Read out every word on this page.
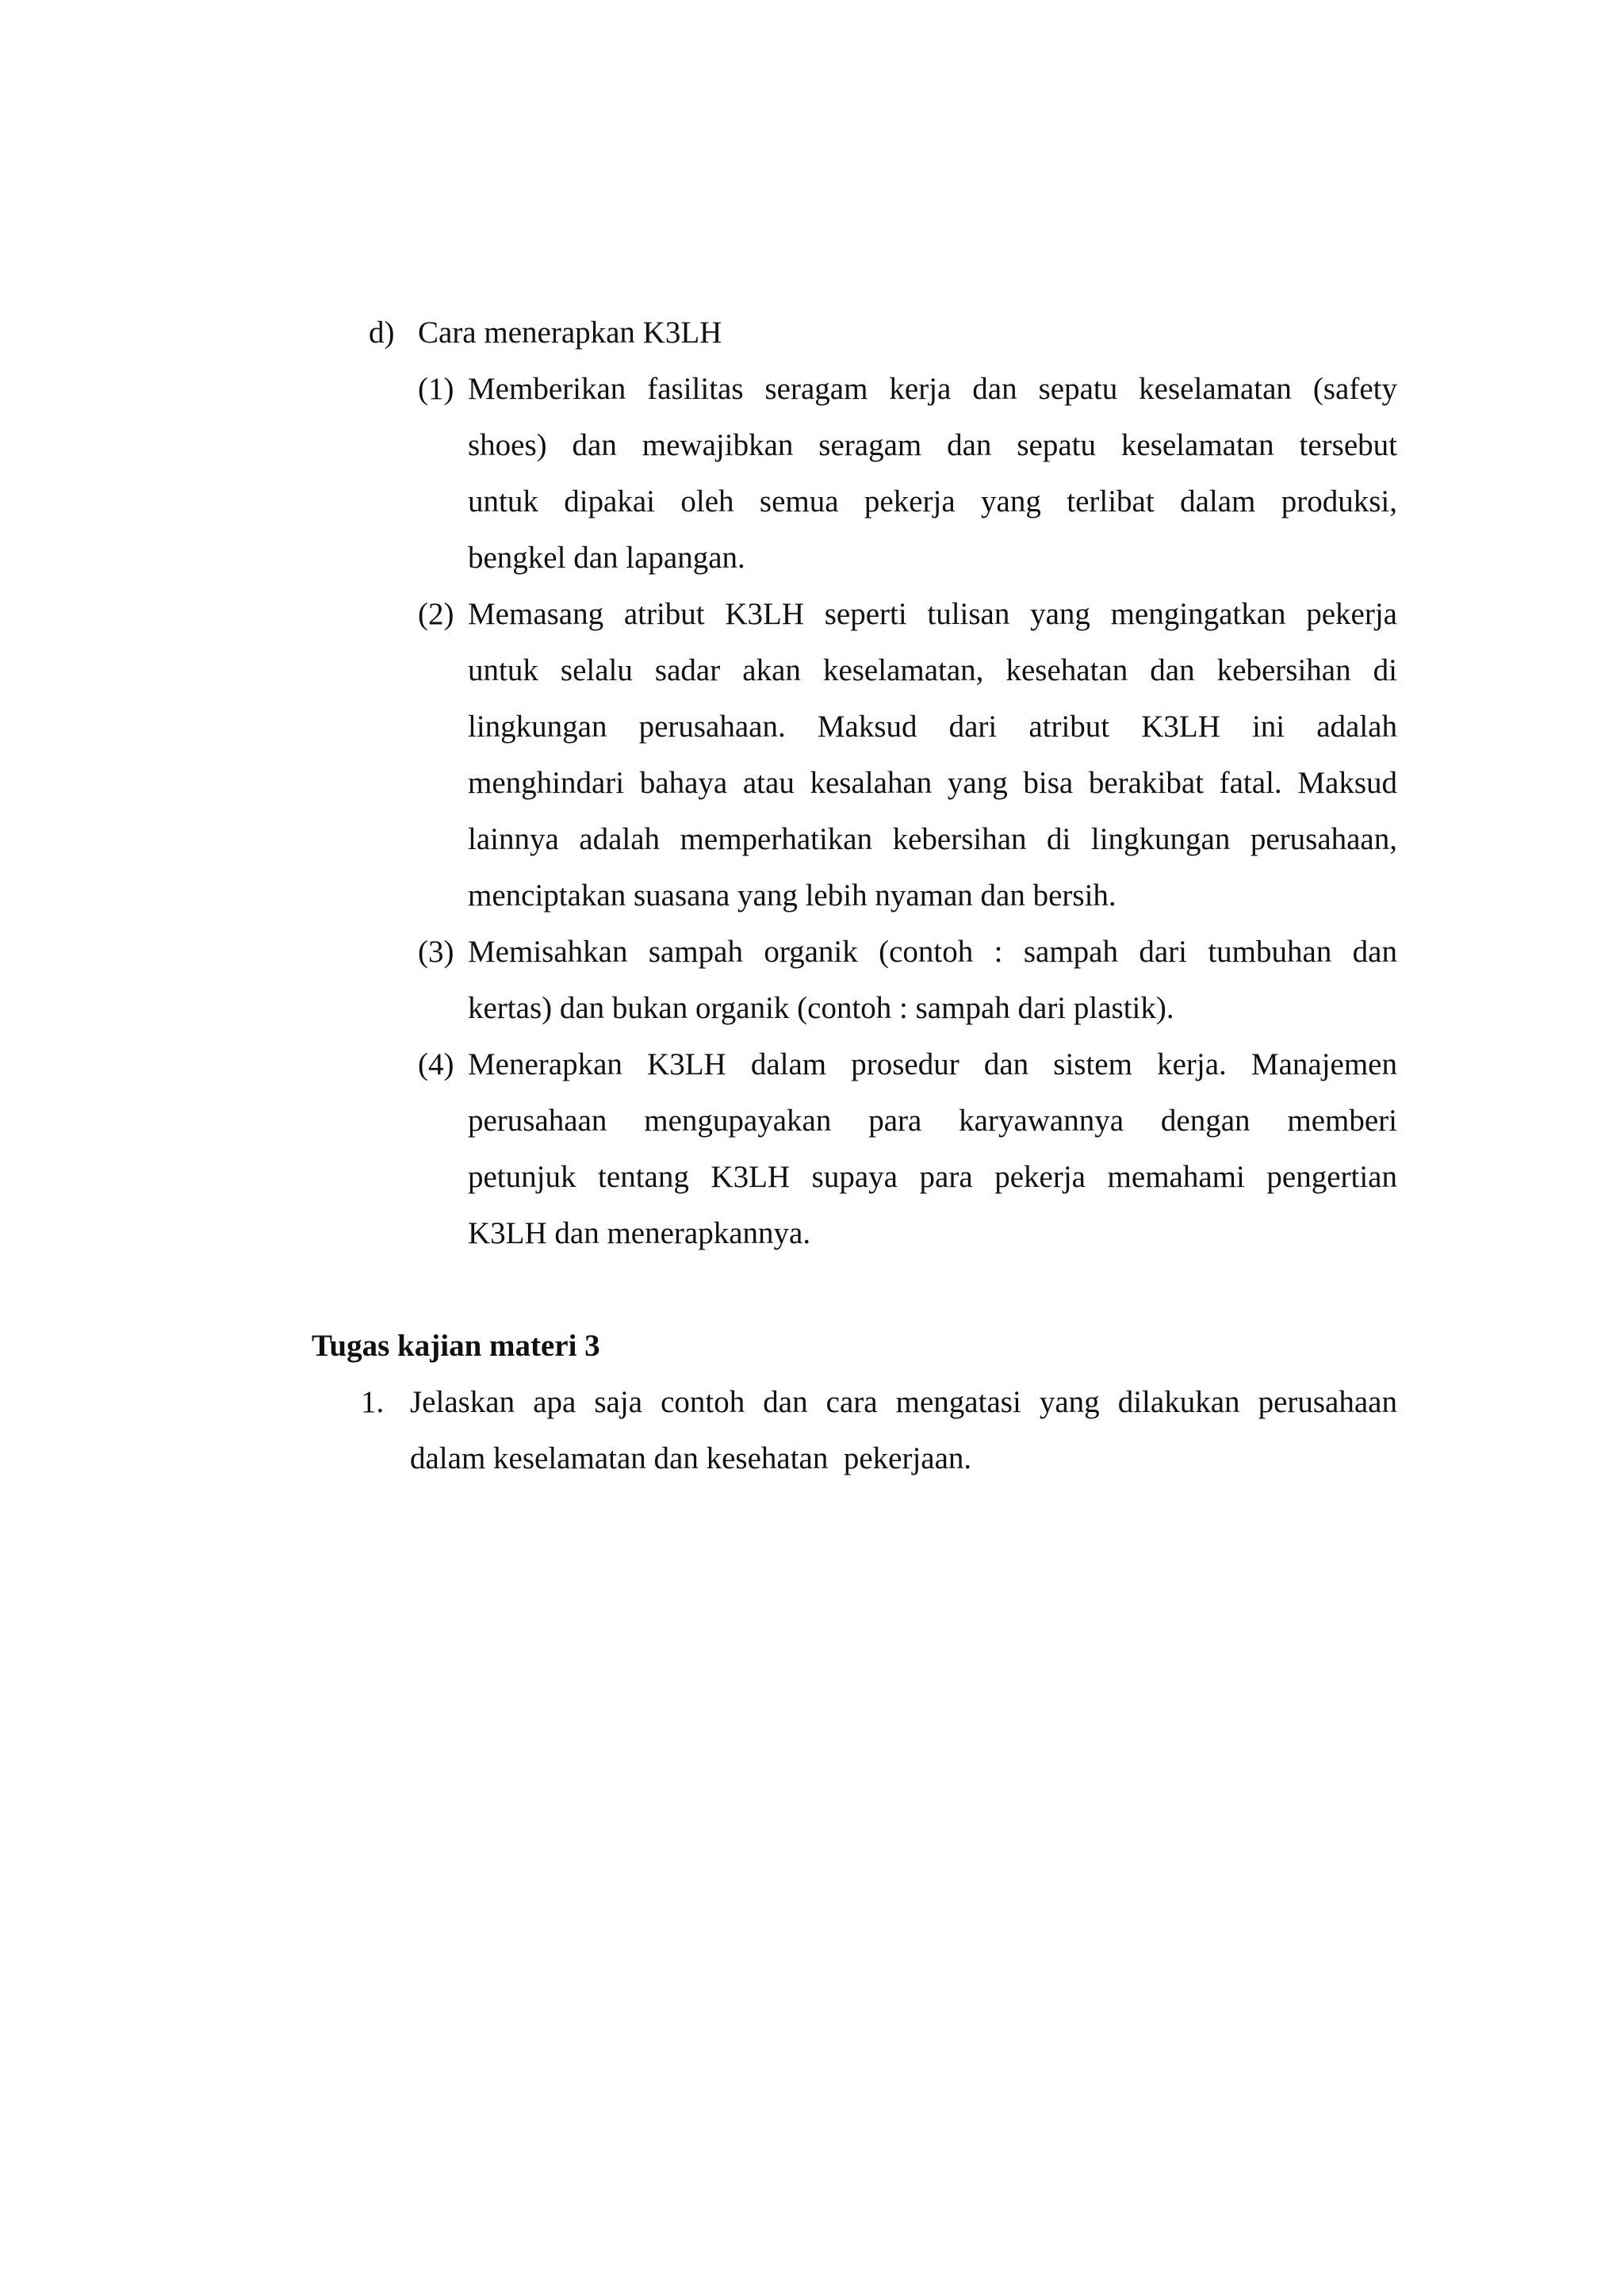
d) Cara menerapkan K3LH
(1) Memberikan fasilitas seragam kerja dan sepatu keselamatan (safety
shoes) dan mewajibkan seragam dan sepatu keselamatan tersebut
untuk dipakai oleh semua pekerja yang terlibat dalam produksi,
bengkel dan lapangan.
(2) Memasang atribut K3LH seperti tulisan yang mengingatkan pekerja
untuk selalu sadar akan keselamatan, kesehatan dan kebersihan di
lingkungan perusahaan. Maksud dari atribut K3LH ini adalah
menghindari bahaya atau kesalahan yang bisa berakibat fatal. Maksud
lainnya adalah memperhatikan kebersihan di lingkungan perusahaan,
menciptakan suasana yang lebih nyaman dan bersih.
(3) Memisahkan sampah organik (contoh : sampah dari tumbuhan dan
kertas) dan bukan organik (contoh : sampah dari plastik).
(4) Menerapkan K3LH dalam prosedur dan sistem kerja. Manajemen
perusahaan mengupayakan para karyawannya dengan memberi
petunjuk tentang K3LH supaya para pekerja memahami pengertian
K3LH dan menerapkannya.
Tugas kajian materi 3
1. Jelaskan apa saja contoh dan cara mengatasi yang dilakukan perusahaan
dalam keselamatan dan kesehatan  pekerjaan.
